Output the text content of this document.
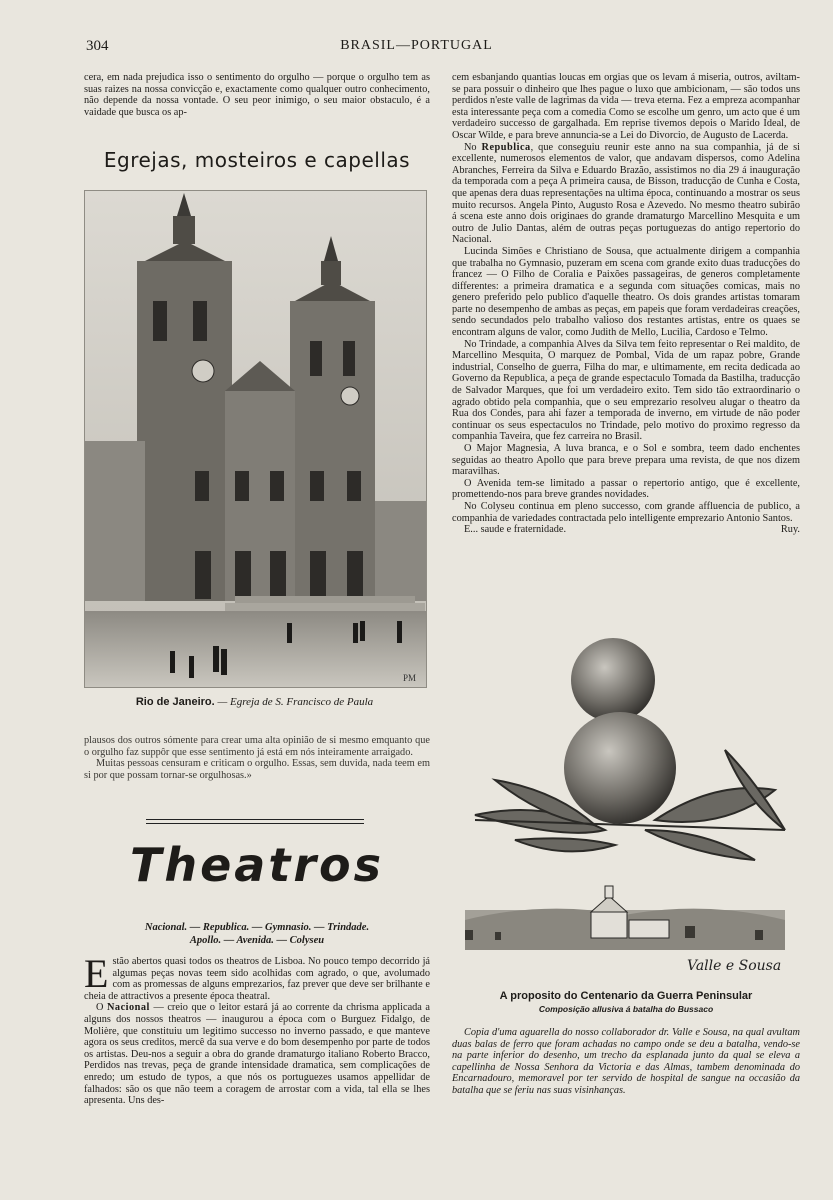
304	BRASIL—PORTUGAL

cera, em nada prejudica isso o sentimento do orgulho — porque o orgulho tem as suas raizes na nossa convicção e, exactamente como qualquer outro conhecimento, não depende da nossa vontade. O seu peor inimigo, o seu maior obstaculo, é a vaidade que busca os ap-

Egrejas, mosteiros e capellas
PM
Rio de Janeiro. — Egreja de S. Francisco de Paula

plausos dos outros sómente para crear uma alta opinião de si mesmo emquanto que o orgulho faz suppôr que esse sentimento já está em nós inteiramente arraigado.

Muitas pessoas censuram e criticam o orgulho. Essas, sem duvida, nada teem em si por que possam tornar-se orgulhosas.»

Theatros
Nacional. — Republica. — Gymnasio. — Trindade.
Apollo. — Avenida. — Colyseu

Estão abertos quasi todos os theatros de Lisboa. No pouco tempo decorrido já algumas peças novas teem sido acolhidas com agrado, o que, avolumado com as promessas de alguns emprezarios, faz prever que deve ser brilhante e cheia de attractivos a presente época theatral.

O Nacional — creio que o leitor estará já ao corrente da chrisma applicada a alguns dos nossos theatros — inaugurou a época com o Burguez Fidalgo, de Molière, que constituiu um legitimo successo no inverno passado, e que manteve agora os seus creditos, mercê da sua verve e do bom desempenho por parte de todos os artistas. Deu-nos a seguir a obra do grande dramaturgo italiano Roberto Bracco, Perdidos nas trevas, peça de grande intensidade dramatica, sem complicações de enredo; um estudo de typos, a que nós os portuguezes usamos appellidar de falhados: são os que não teem a coragem de arrostar com a vida, tal ella se lhes apresenta. Uns des-

cem esbanjando quantias loucas em orgias que os levam á miseria, outros, aviltam-se para possuir o dinheiro que lhes pague o luxo que ambicionam, — são todos uns perdidos n'este valle de lagrimas da vida — treva eterna. Fez a empreza acompanhar esta interessante peça com a comedia Como se escolhe um genro, um acto que é um verdadeiro successo de gargalhada. Em reprise tivemos depois o Marido Ideal, de Oscar Wilde, e para breve annuncia-se a Lei do Divorcio, de Augusto de Lacerda.

No Republica, que conseguiu reunir este anno na sua companhia, já de si excellente, numerosos elementos de valor, que andavam dispersos, como Adelina Abranches, Ferreira da Silva e Eduardo Brazão, assistimos no dia 29 á inauguração da temporada com a peça A primeira causa, de Bisson, traducção de Cunha e Costa, que apenas dera duas representações na ultima época, continuando a mostrar os seus muito recursos. Angela Pinto, Augusto Rosa e Azevedo. No mesmo theatro subirão á scena este anno dois originaes do grande dramaturgo Marcellino Mesquita e um outro de Julio Dantas, além de outras peças portuguezas do antigo repertorio do Nacional.

Lucinda Simões e Christiano de Sousa, que actualmente dirigem a companhia que trabalha no Gymnasio, puzeram em scena com grande exito duas traducções do francez — O Filho de Coralia e Paixões passageiras, de generos completamente differentes: a primeira dramatica e a segunda com situações comicas, mais no genero preferido pelo publico d'aquelle theatro. Os dois grandes artistas tomaram parte no desempenho de ambas as peças, em papeis que foram verdadeiras creações, sendo secundados pelo trabalho valioso dos restantes artistas, entre os quaes se encontram alguns de valor, como Judith de Mello, Lucilia, Cardoso e Telmo.

No Trindade, a companhia Alves da Silva tem feito representar o Rei maldito, de Marcellino Mesquita, O marquez de Pombal, Vida de um rapaz pobre, Grande industrial, Conselho de guerra, Filha do mar, e ultimamente, em recita dedicada ao Governo da Republica, a peça de grande espectaculo Tomada da Bastilha, traducção de Salvador Marques, que foi um verdadeiro exito. Tem sido tão extraordinario o agrado obtido pela companhia, que o seu emprezario resolveu alugar o theatro da Rua dos Condes, para ahi fazer a temporada de inverno, em virtude de não poder continuar os seus espectaculos no Trindade, pelo motivo do proximo regresso da companhia Taveira, que fez carreira no Brasil.

O Major Magnesia, A luva branca, e o Sol e sombra, teem dado enchentes seguidas ao theatro Apollo que para breve prepara uma revista, de que nos dizem maravilhas.

O Avenida tem-se limitado a passar o repertorio antigo, que é excellente, promettendo-nos para breve grandes novidades.

No Colyseu continua em pleno successo, com grande affluencia de publico, a companhia de variedades contractada pelo intelligente emprezario Antonio Santos.

E... saude e fraternidade.	Ruy.

Valle e Sousa
A proposito do Centenario da Guerra Peninsular
Composição allusiva á batalha do Bussaco

Copia d'uma aguarella do nosso collaborador dr. Valle e Sousa, na qual avultam duas balas de ferro que foram achadas no campo onde se deu a batalha, vendo-se na parte inferior do desenho, um trecho da esplanada junto da qual se eleva a capellinha de Nossa Senhora da Victoria e das Almas, tambem denominada do Encarnadouro, memoravel por ter servido de hospital de sangue na occasião da batalha que se feriu nas suas visinhanças.
